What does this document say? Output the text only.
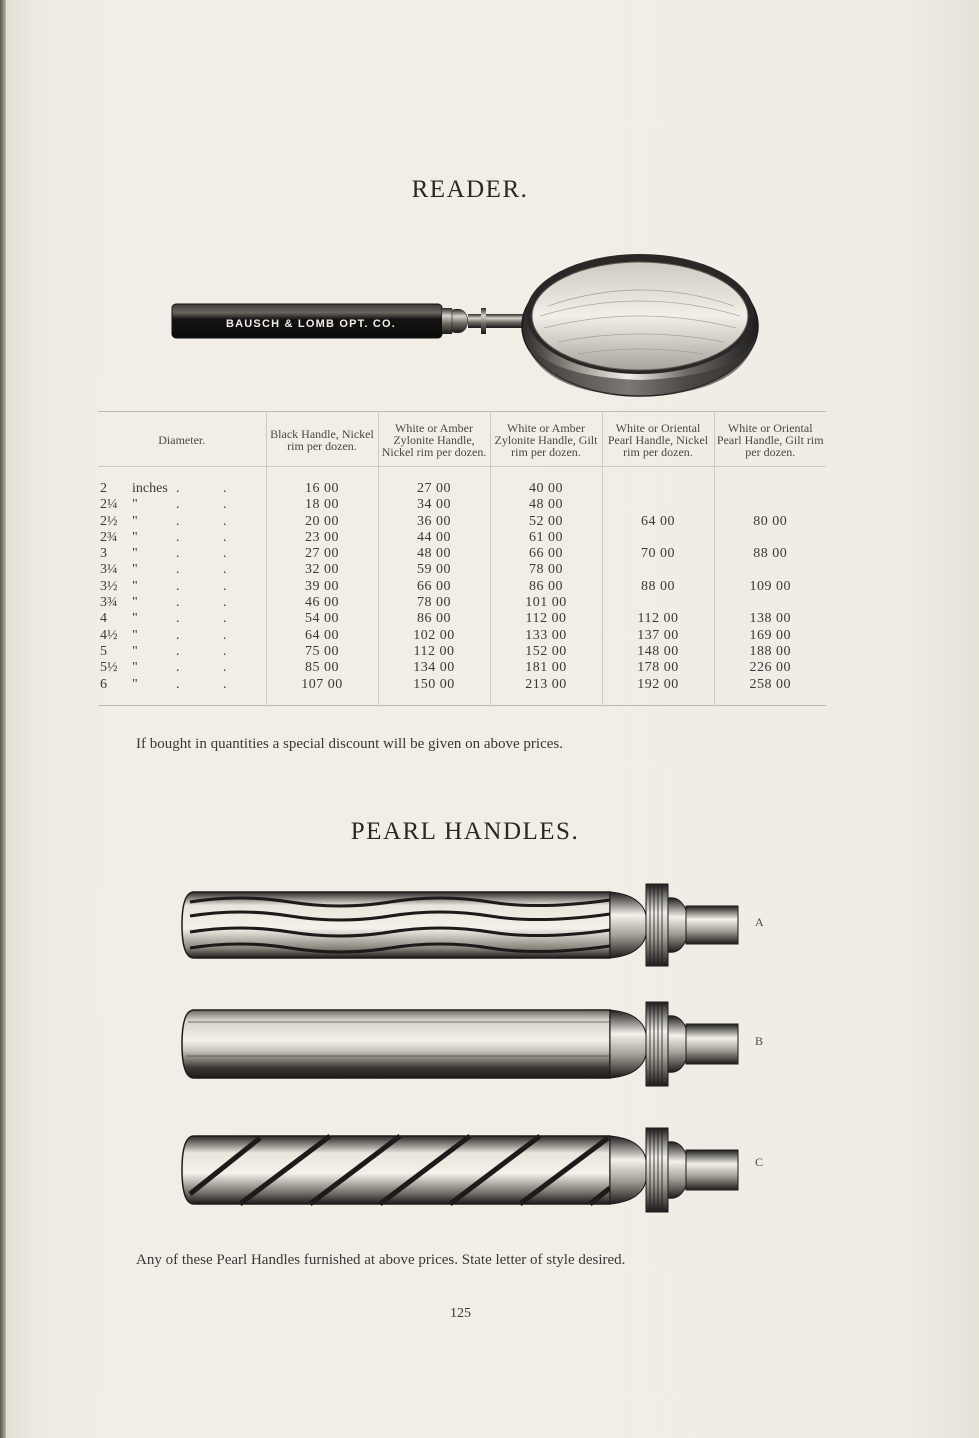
READER.
BAUSCH & LOMB OPT. CO.
Diameter.	Black Handle, Nickel rim per dozen.	White or Amber Zylonite Handle, Nickel rim per dozen.	White or Amber Zylonite Handle, Gilt rim per dozen.	White or Oriental Pearl Handle, Nickel rim per dozen.	White or Oriental Pearl Handle, Gilt rim per dozen.

2 inches . .	16 00	27 00	40 00		
2¼ " . .	18 00	34 00	48 00		
2½ " . .	20 00	36 00	52 00	64 00	80 00
2¾ " . .	23 00	44 00	61 00		
3 " . .	27 00	48 00	66 00	70 00	88 00
3¼ " . .	32 00	59 00	78 00		
3½ " . .	39 00	66 00	86 00	88 00	109 00
3¾ " . .	46 00	78 00	101 00		
4 " . .	54 00	86 00	112 00	112 00	138 00
4½ " . .	64 00	102 00	133 00	137 00	169 00
5 " . .	75 00	112 00	152 00	148 00	188 00
5½ " . .	85 00	134 00	181 00	178 00	226 00
6 " . .	107 00	150 00	213 00	192 00	258 00

If bought in quantities a special discount will be given on above prices.
PEARL HANDLES.
A
B
C
Any of these Pearl Handles furnished at above prices. State letter of style desired.
125
